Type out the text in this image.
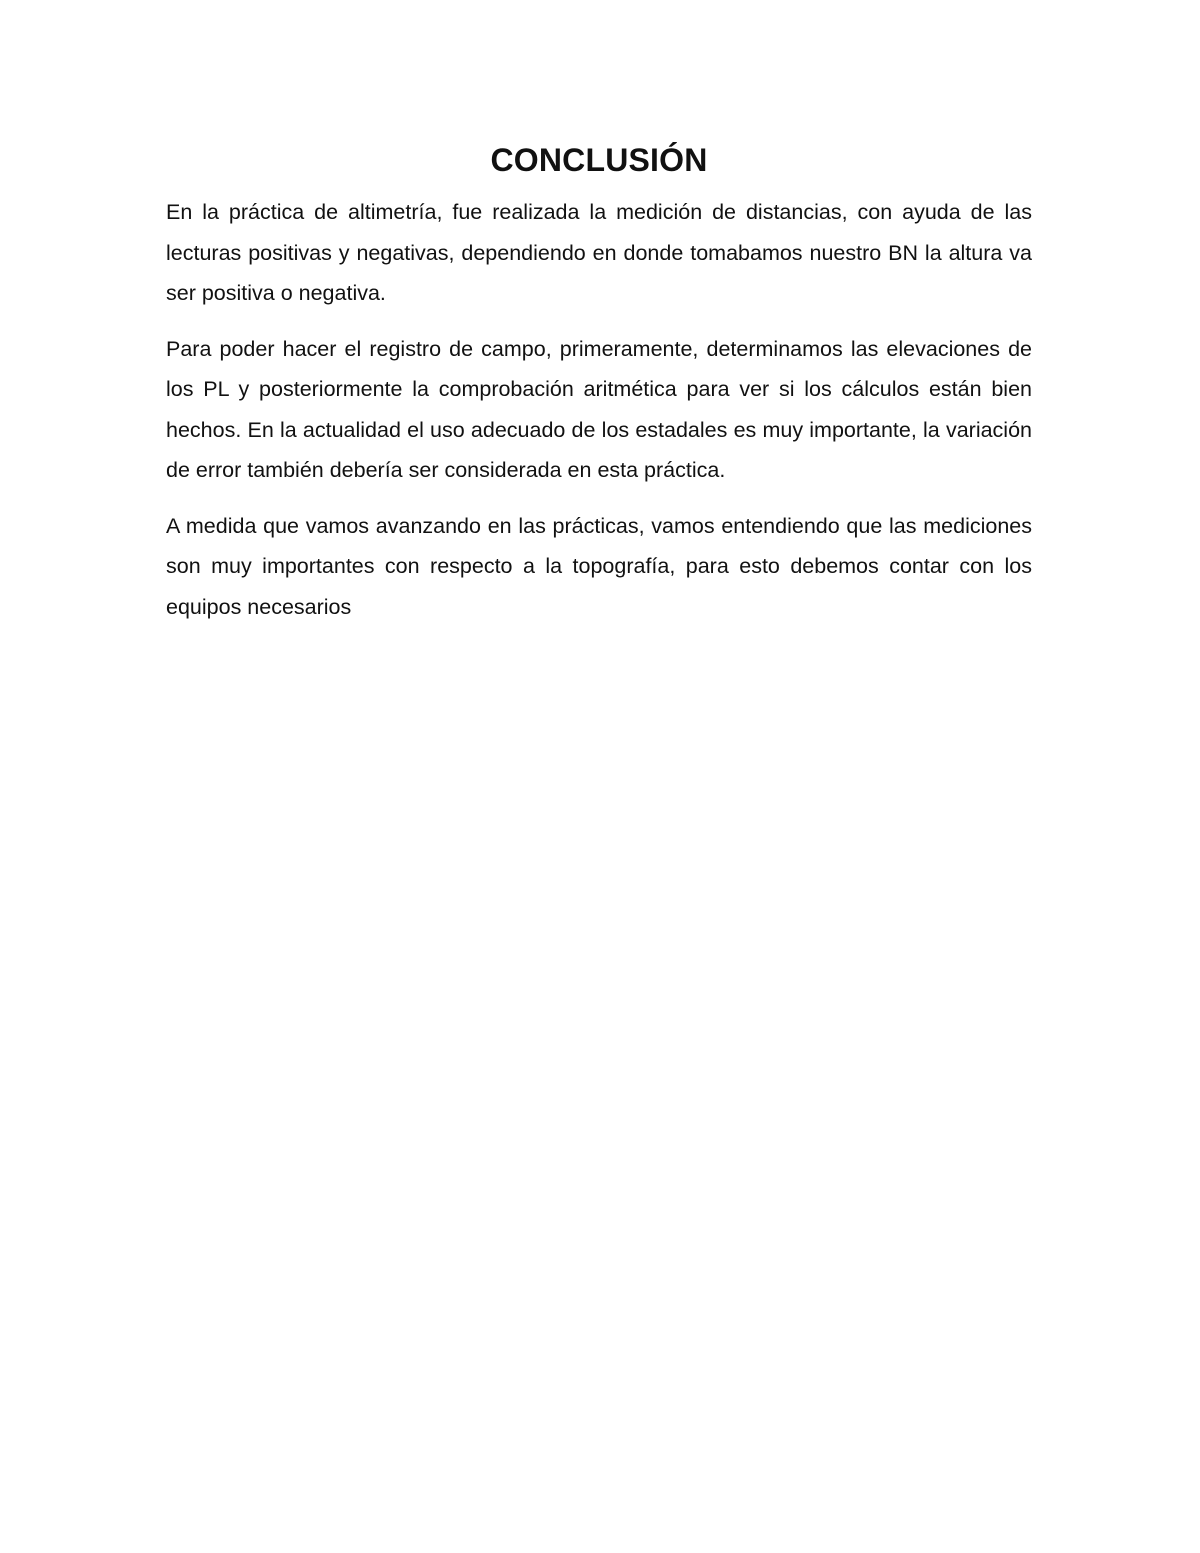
CONCLUSIÓN

En la práctica de altimetría, fue realizada la medición de distancias, con ayuda de las lecturas positivas y negativas, dependiendo en donde tomabamos nuestro BN la altura va ser positiva o negativa.

Para poder hacer el registro de campo, primeramente, determinamos las elevaciones de los PL y posteriormente la comprobación aritmética para ver si los cálculos están bien hechos. En la actualidad el uso adecuado de los estadales es muy importante, la variación de error también debería ser considerada en esta práctica.

A medida que vamos avanzando en las prácticas, vamos entendiendo que las mediciones son muy importantes con respecto a la topografía, para esto debemos contar con los equipos necesarios
